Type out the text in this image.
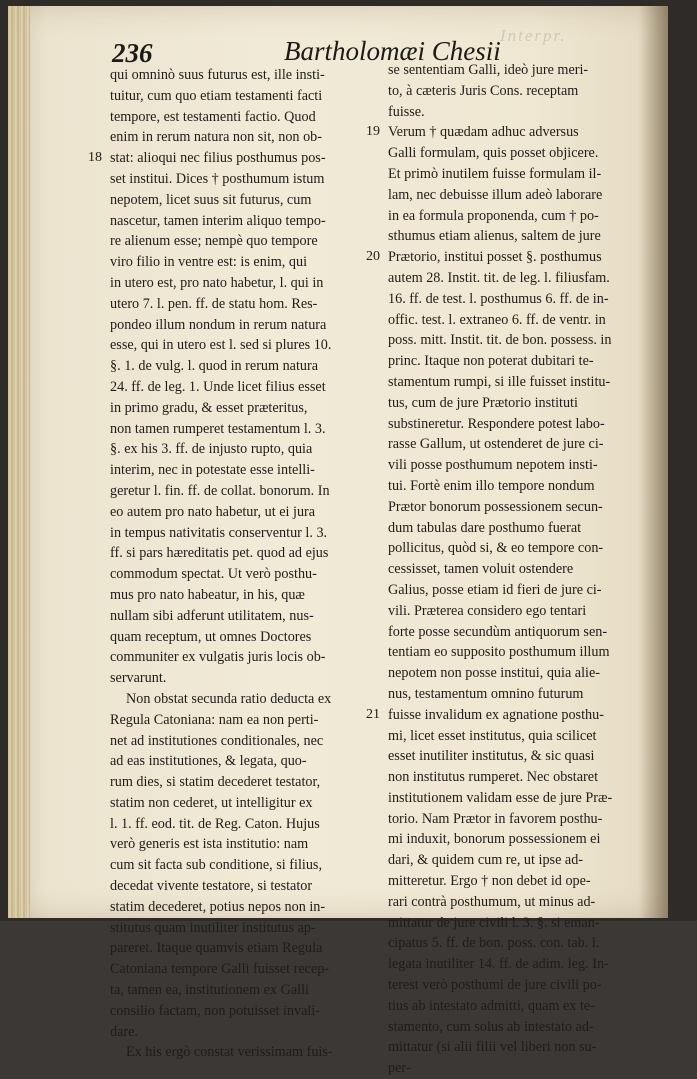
Interpr.
236	Bartholomæi Chesii
qui omninò suus futurus est, ille insti-
tuitur, cum quo etiam testamenti facti
tempore, est testamenti factio. Quod
enim in rerum natura non sit, non ob-
stat: alioqui nec filius posthumus pos-
set institui. Dices † posthumum istum
nepotem, licet suus sit futurus, cum
nascetur, tamen interim aliquo tempo-
re alienum esse; nempè quo tempore
viro filio in ventre est: is enim, qui
in utero est, pro nato habetur, l. qui in
utero 7. l. pen. ff. de statu hom. Res-
pondeo illum nondum in rerum natura
esse, qui in utero est l. sed si plures 10.
§. 1. de vulg. l. quod in rerum natura
24. ff. de leg. 1. Unde licet filius esset
in primo gradu, & esset præteritus,
non tamen rumperet testamentum l. 3.
§. ex his 3. ff. de injusto rupto, quia
interim, nec in potestate esse intelli-
geretur l. fin. ff. de collat. bonorum. In
eo autem pro nato habetur, ut ei jura
in tempus nativitatis conserventur l. 3.
ff. si pars hæreditatis pet. quod ad ejus
commodum spectat. Ut verò posthu-
mus pro nato habeatur, in his, quæ
nullam sibi adferunt utilitatem, nus-
quam receptum, ut omnes Doctores
communiter ex vulgatis juris locis ob-
servarunt.
Non obstat secunda ratio deducta ex
Regula Catoniana: nam ea non perti-
net ad institutiones conditionales, nec
ad eas institutiones, & legata, quo-
rum dies, si statim decederet testator,
statim non cederet, ut intelligitur ex
l. 1. ff. eod. tit. de Reg. Caton. Hujus
verò generis est ista institutio: nam
cum sit facta sub conditione, si filius,
decedat vivente testatore, si testator
statim decederet, potius nepos non in-
stitutus quam inutiliter institutus ap-
pareret. Itaque quamvis etiam Regula
Catoniana tempore Galli fuisset recep-
ta, tamen ea, institutionem ex Galli
consilio factam, non potuisset invali-
dare.
Ex his ergò constat verissimam fuis-
se sententiam Galli, ideò jure meri-
to, à cæteris Juris Cons. receptam
fuisse.
Verum † quædam adhuc adversus
Galli formulam, quis posset objicere.
Et primò inutilem fuisse formulam il-
lam, nec debuisse illum adeò laborare
in ea formula proponenda, cum † po-
sthumus etiam alienus, saltem de jure
Prætorio, institui posset §. posthumus
autem 28. Instit. tit. de leg. l. filiusfam.
16. ff. de test. l. posthumus 6. ff. de in-
offic. test. l. extraneo 6. ff. de ventr. in
poss. mitt. Instit. tit. de bon. possess. in
princ. Itaque non poterat dubitari te-
stamentum rumpi, si ille fuisset institu-
tus, cum de jure Prætorio instituti
substineretur. Respondere potest labo-
rasse Gallum, ut ostenderet de jure ci-
vili posse posthumum nepotem insti-
tui. Fortè enim illo tempore nondum
Prætor bonorum possessionem secun-
dum tabulas dare posthumo fuerat
pollicitus, quòd si, & eo tempore con-
cessisset, tamen voluit ostendere
Galius, posse etiam id fieri de jure ci-
vili. Præterea considero ego tentari
forte posse secundùm antiquorum sen-
tentiam eo supposito posthumum illum
nepotem non posse institui, quia alie-
nus, testamentum omnino futurum
fuisse invalidum ex agnatione posthu-
mi, licet esset institutus, quia scilicet
esset inutiliter institutus, & sic quasi
non institutus rumperet. Nec obstaret
institutionem validam esse de jure Præ-
torio. Nam Prætor in favorem posthu-
mi induxit, bonorum possessionem ei
dari, & quidem cum re, ut ipse ad-
mitteretur. Ergo † non debet id ope-
rari contrà posthumum, ut minus ad-
mittatur de jure civili l. 3. §. si eman-
cipatus 5. ff. de bon. poss. con. tab. l.
legata inutiliter 14. ff. de adim. leg. In-
terest verò posthumi de jure civili po-
tius ab intestato admitti, quam ex te-
stamento, cum solus ab intestato ad-
mittatur (si alii filii vel liberi non su-
per-
18
19
20
21
